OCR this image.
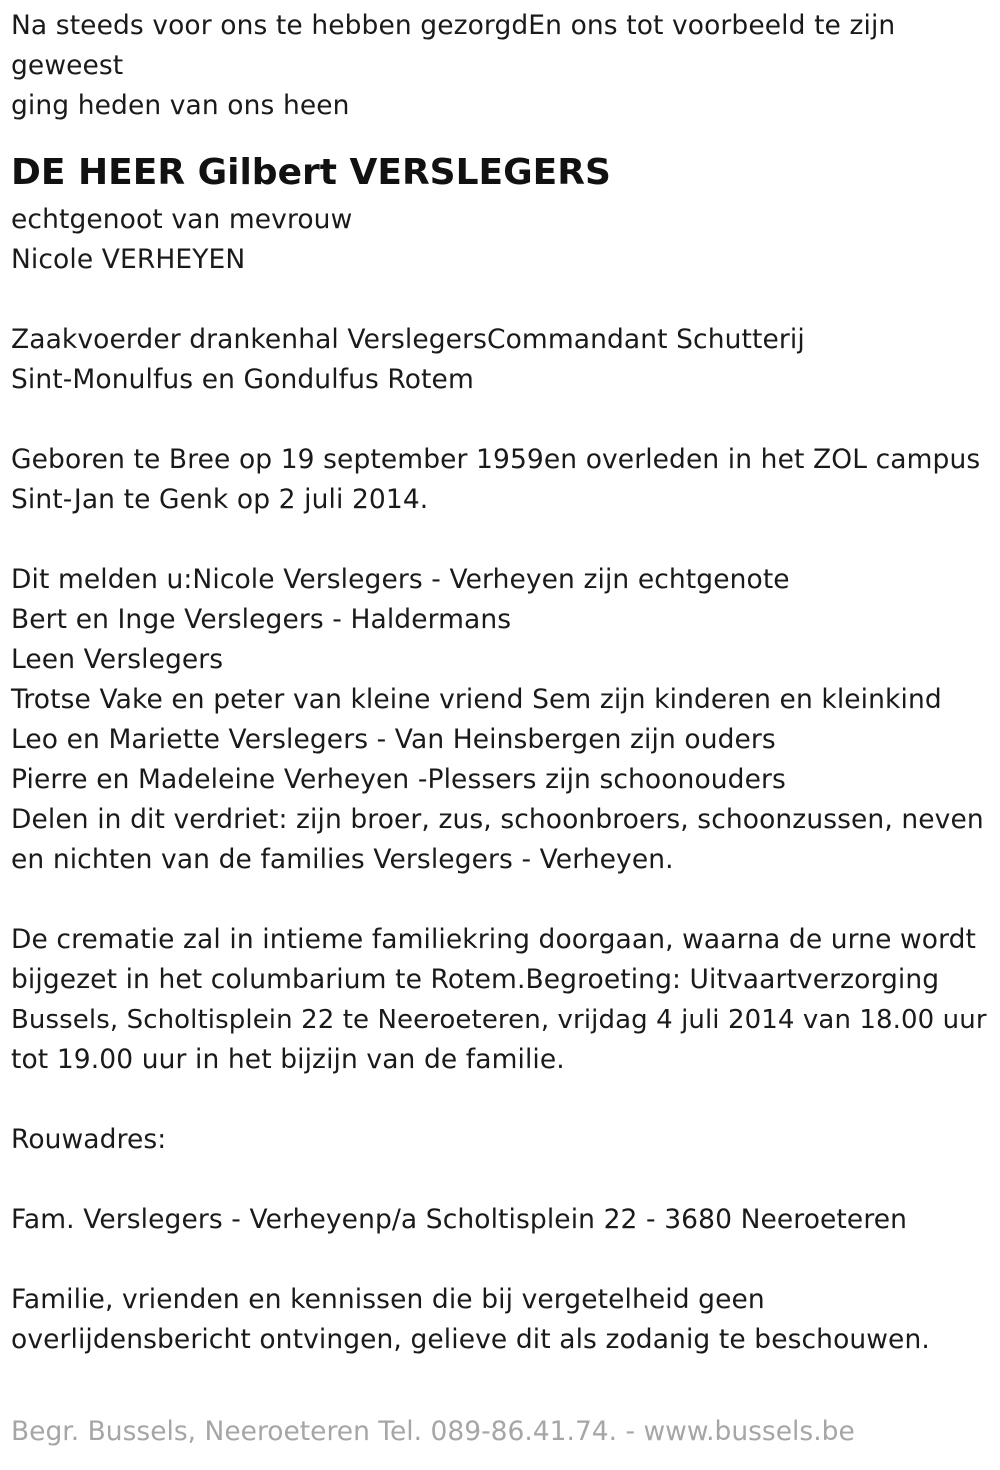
Na steeds voor ons te hebben gezorgdEn ons tot voorbeeld te zijn
geweest
ging heden van ons heen
DE HEER Gilbert VERSLEGERS
echtgenoot van mevrouw
Nicole VERHEYEN
Zaakvoerder drankenhal VerslegersCommandant Schutterij
Sint-Monulfus en Gondulfus Rotem
Geboren te Bree op 19 september 1959en overleden in het ZOL campus
Sint-Jan te Genk op 2 juli 2014.
Dit melden u:Nicole Verslegers - Verheyen zijn echtgenote
Bert en Inge Verslegers - Haldermans
Leen Verslegers
Trotse Vake en peter van kleine vriend Sem zijn kinderen en kleinkind
Leo en Mariette Verslegers - Van Heinsbergen zijn ouders
Pierre en Madeleine Verheyen -Plessers zijn schoonouders
Delen in dit verdriet: zijn broer, zus, schoonbroers, schoonzussen, neven
en nichten van de families Verslegers - Verheyen.
De crematie zal in intieme familiekring doorgaan, waarna de urne wordt
bijgezet in het columbarium te Rotem.Begroeting: Uitvaartverzorging
Bussels, Scholtisplein 22 te Neeroeteren, vrijdag 4 juli 2014 van 18.00 uur
tot 19.00 uur in het bijzijn van de familie.
Rouwadres:
Fam. Verslegers - Verheyenp/a Scholtisplein 22 - 3680 Neeroeteren
Familie, vrienden en kennissen die bij vergetelheid geen
overlijdensbericht ontvingen, gelieve dit als zodanig te beschouwen.
Begr. Bussels, Neeroeteren Tel. 089-86.41.74. - www.bussels.be
